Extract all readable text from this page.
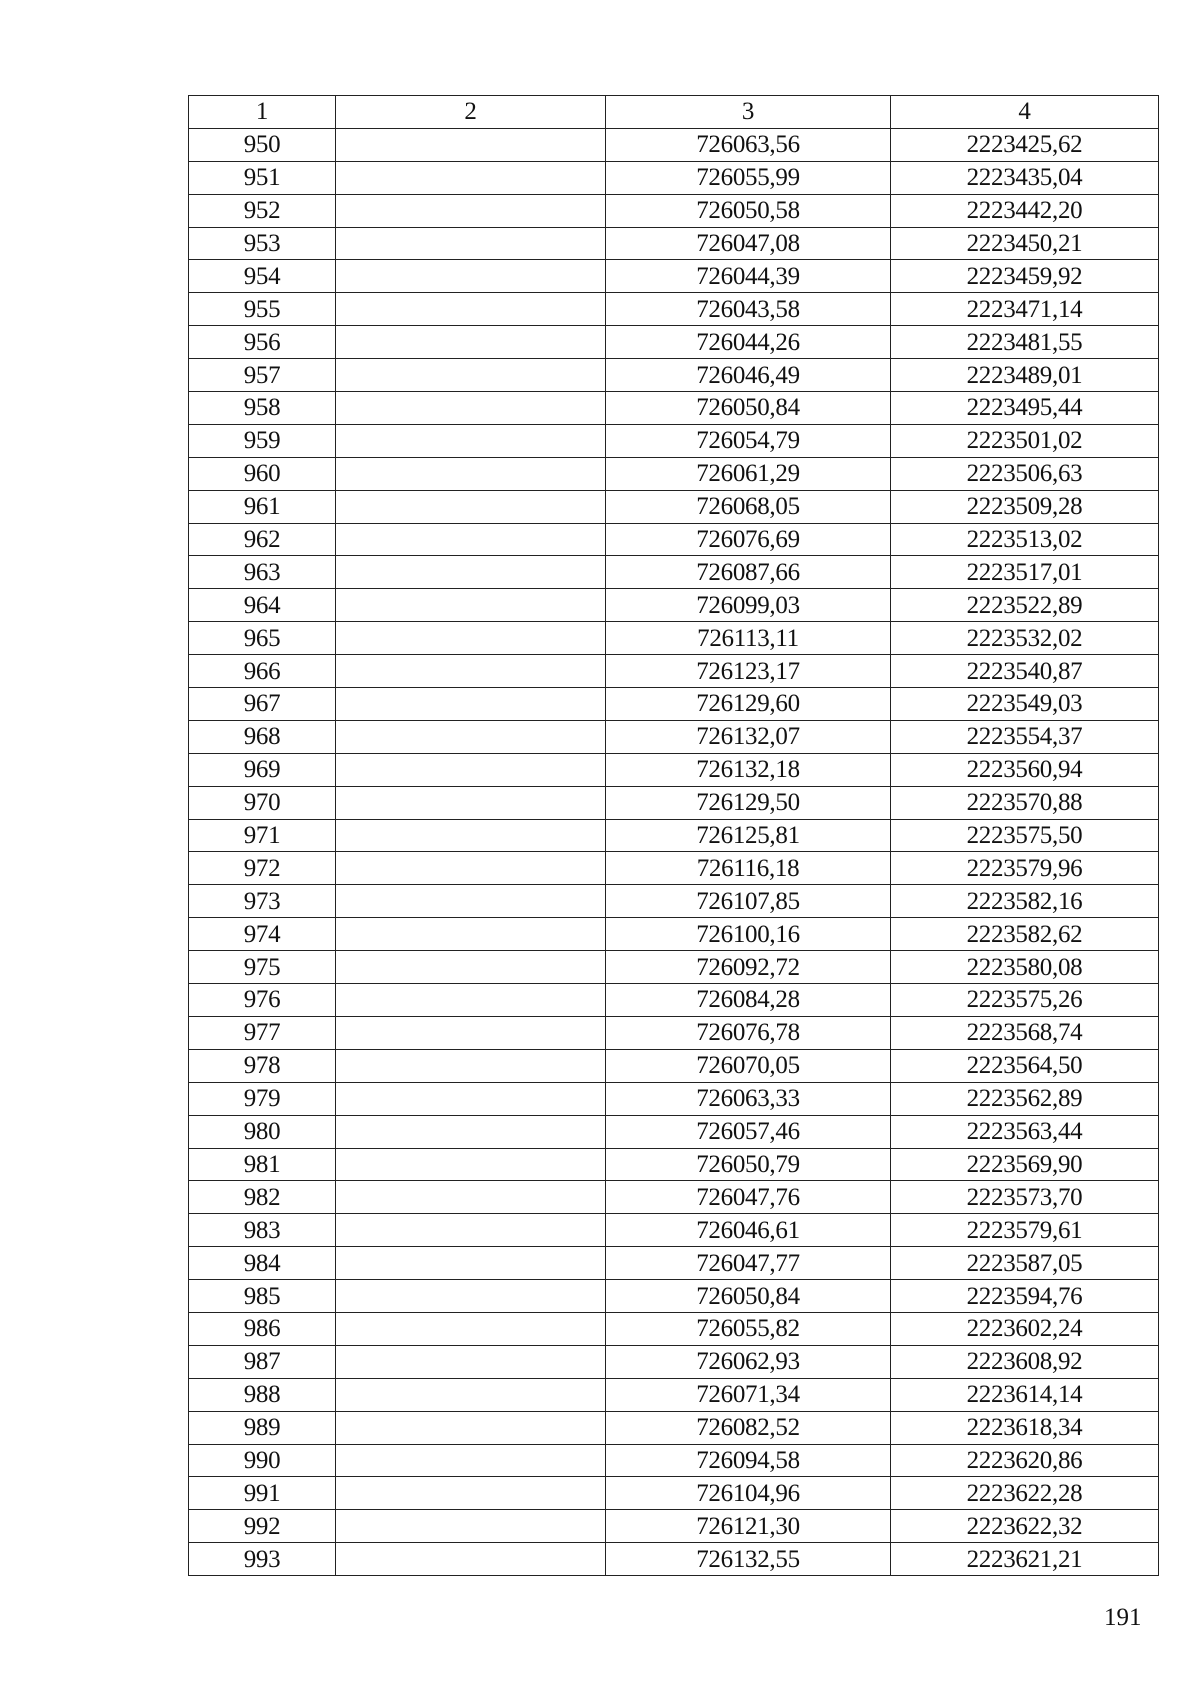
1	2	3	4
950		726063,56	2223425,62
951		726055,99	2223435,04
952		726050,58	2223442,20
953		726047,08	2223450,21
954		726044,39	2223459,92
955		726043,58	2223471,14
956		726044,26	2223481,55
957		726046,49	2223489,01
958		726050,84	2223495,44
959		726054,79	2223501,02
960		726061,29	2223506,63
961		726068,05	2223509,28
962		726076,69	2223513,02
963		726087,66	2223517,01
964		726099,03	2223522,89
965		726113,11	2223532,02
966		726123,17	2223540,87
967		726129,60	2223549,03
968		726132,07	2223554,37
969		726132,18	2223560,94
970		726129,50	2223570,88
971		726125,81	2223575,50
972		726116,18	2223579,96
973		726107,85	2223582,16
974		726100,16	2223582,62
975		726092,72	2223580,08
976		726084,28	2223575,26
977		726076,78	2223568,74
978		726070,05	2223564,50
979		726063,33	2223562,89
980		726057,46	2223563,44
981		726050,79	2223569,90
982		726047,76	2223573,70
983		726046,61	2223579,61
984		726047,77	2223587,05
985		726050,84	2223594,76
986		726055,82	2223602,24
987		726062,93	2223608,92
988		726071,34	2223614,14
989		726082,52	2223618,34
990		726094,58	2223620,86
991		726104,96	2223622,28
992		726121,30	2223622,32
993		726132,55	2223621,21
191
